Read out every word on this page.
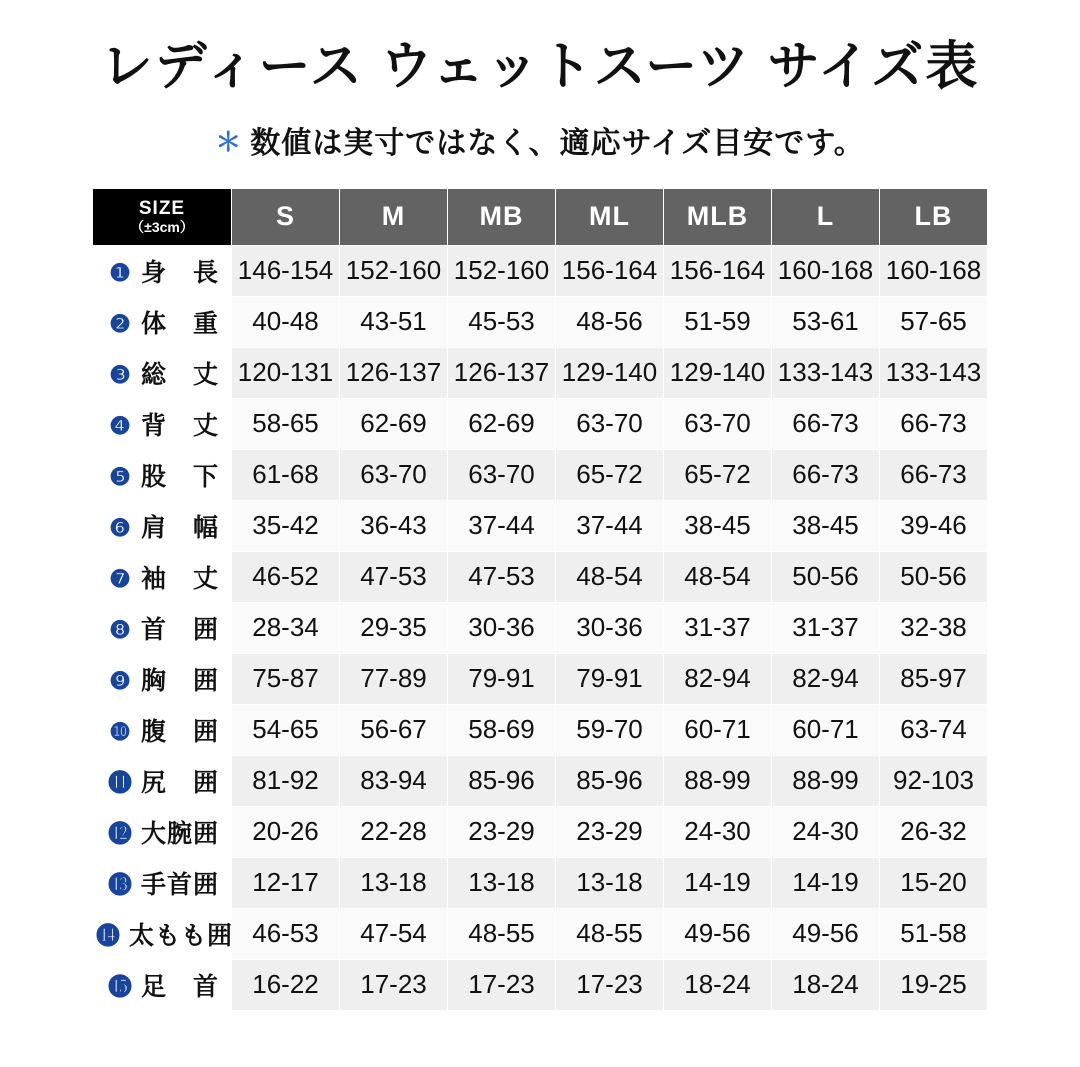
レディース ウェットスーツ サイズ表
＊ 数値は実寸ではなく、適応サイズ目安です。
SIZE
（±3cm）	S	M	MB	ML	MLB	L	LB
❶ 身　長	146-154	152-160	152-160	156-164	156-164	160-168	160-168
❷ 体　重	40-48	43-51	45-53	48-56	51-59	53-61	57-65
❸ 総　丈	120-131	126-137	126-137	129-140	129-140	133-143	133-143
❹ 背　丈	58-65	62-69	62-69	63-70	63-70	66-73	66-73
❺ 股　下	61-68	63-70	63-70	65-72	65-72	66-73	66-73
❻ 肩　幅	35-42	36-43	37-44	37-44	38-45	38-45	39-46
❼ 袖　丈	46-52	47-53	47-53	48-54	48-54	50-56	50-56
❽ 首　囲	28-34	29-35	30-36	30-36	31-37	31-37	32-38
❾ 胸　囲	75-87	77-89	79-91	79-91	82-94	82-94	85-97
❿ 腹　囲	54-65	56-67	58-69	59-70	60-71	60-71	63-74
⓫ 尻　囲	81-92	83-94	85-96	85-96	88-99	88-99	92-103
⓬ 大腕囲	20-26	22-28	23-29	23-29	24-30	24-30	26-32
⓭ 手首囲	12-17	13-18	13-18	13-18	14-19	14-19	15-20
⓮ 太もも囲	46-53	47-54	48-55	48-55	49-56	49-56	51-58
⓯ 足　首	16-22	17-23	17-23	17-23	18-24	18-24	19-25
